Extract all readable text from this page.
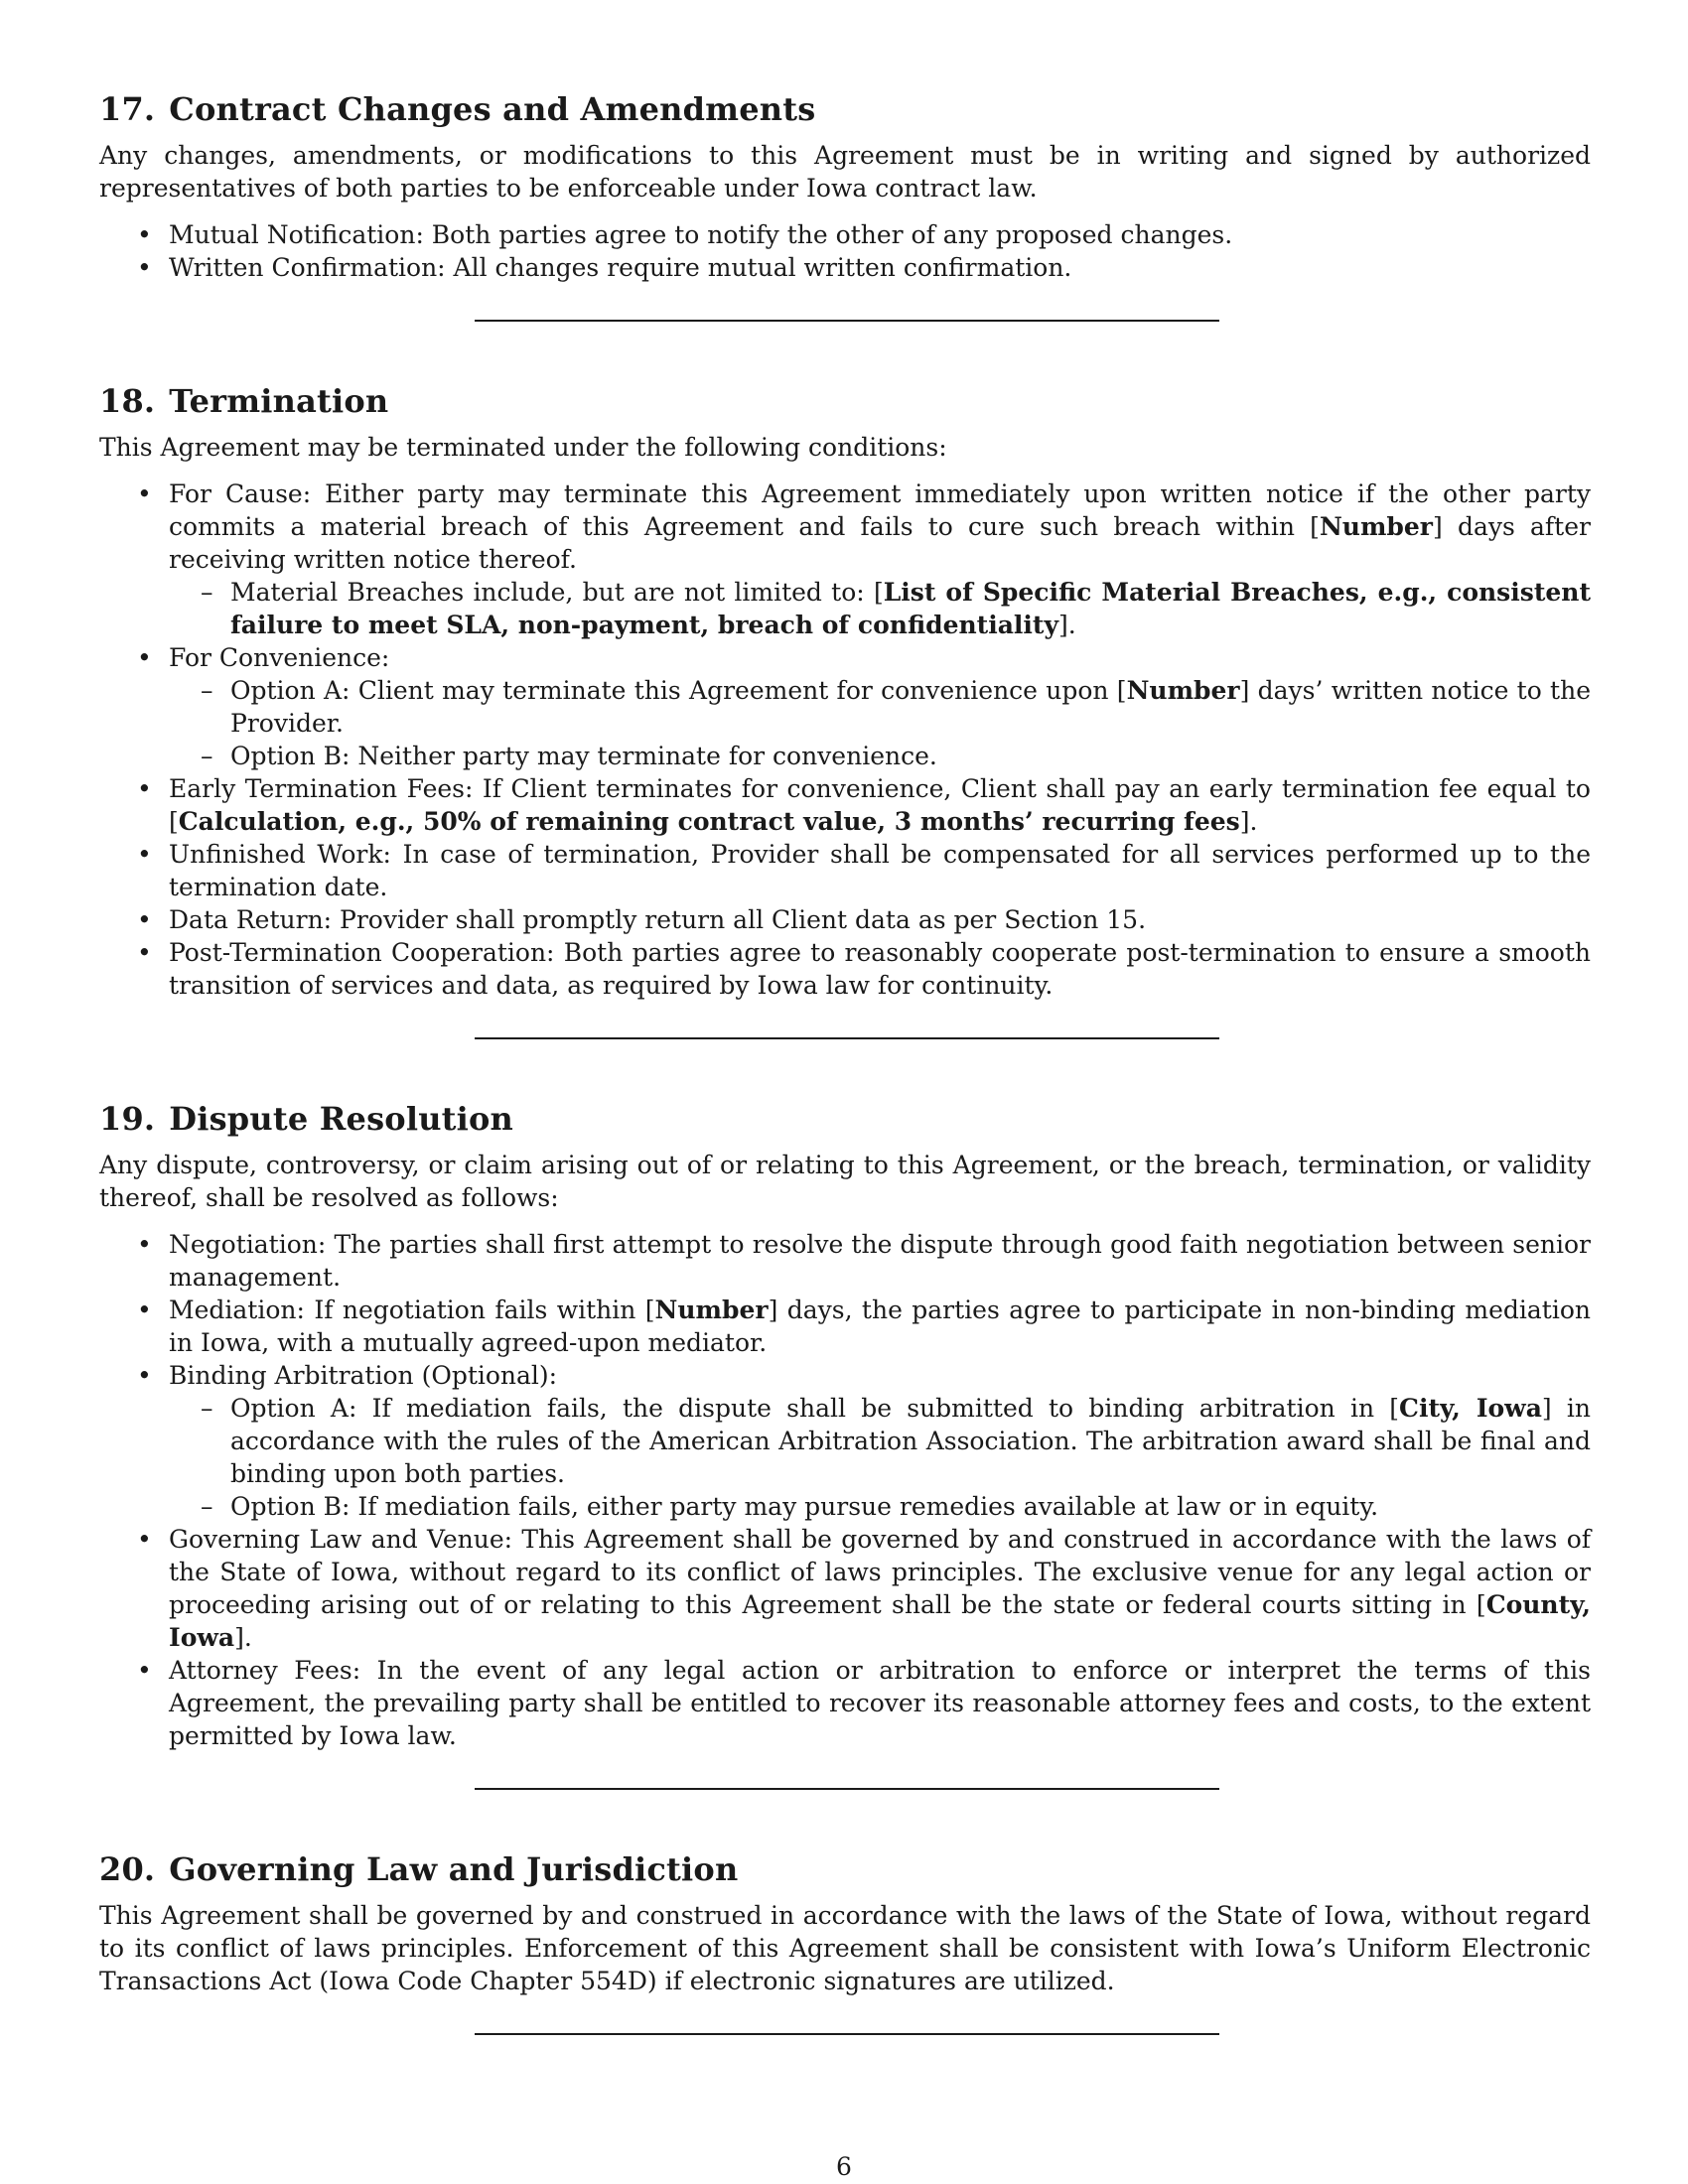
17. Contract Changes and Amendments

Any changes, amendments, or modifications to this Agreement must be in writing and signed by authorized representatives of both parties to be enforceable under Iowa contract law.

• Mutual Notification: Both parties agree to notify the other of any proposed changes.
• Written Confirmation: All changes require mutual written confirmation.
18. Termination

This Agreement may be terminated under the following conditions:

• For Cause: Either party may terminate this Agreement immediately upon written notice if the other party commits a material breach of this Agreement and fails to cure such breach within [Number] days after receiving written notice thereof.
– Material Breaches include, but are not limited to: [List of Specific Material Breaches, e.g., consistent failure to meet SLA, non-payment, breach of confidentiality].
• For Convenience:
– Option A: Client may terminate this Agreement for convenience upon [Number] days’ written notice to the Provider.
– Option B: Neither party may terminate for convenience.
• Early Termination Fees: If Client terminates for convenience, Client shall pay an early termination fee equal to [Calculation, e.g., 50% of remaining contract value, 3 months’ recurring fees].
• Unfinished Work: In case of termination, Provider shall be compensated for all services performed up to the termination date.
• Data Return: Provider shall promptly return all Client data as per Section 15.
• Post-Termination Cooperation: Both parties agree to reasonably cooperate post-termination to ensure a smooth transition of services and data, as required by Iowa law for continuity.
19. Dispute Resolution

Any dispute, controversy, or claim arising out of or relating to this Agreement, or the breach, termination, or validity thereof, shall be resolved as follows:

• Negotiation: The parties shall first attempt to resolve the dispute through good faith negotiation between senior management.
• Mediation: If negotiation fails within [Number] days, the parties agree to participate in non-binding mediation in Iowa, with a mutually agreed-upon mediator.
• Binding Arbitration (Optional):
– Option A: If mediation fails, the dispute shall be submitted to binding arbitration in [City, Iowa] in accordance with the rules of the American Arbitration Association. The arbitration award shall be final and binding upon both parties.
– Option B: If mediation fails, either party may pursue remedies available at law or in equity.
• Governing Law and Venue: This Agreement shall be governed by and construed in accordance with the laws of the State of Iowa, without regard to its conflict of laws principles. The exclusive venue for any legal action or proceeding arising out of or relating to this Agreement shall be the state or federal courts sitting in [County, Iowa].
• Attorney Fees: In the event of any legal action or arbitration to enforce or interpret the terms of this Agreement, the prevailing party shall be entitled to recover its reasonable attorney fees and costs, to the extent permitted by Iowa law.
20. Governing Law and Jurisdiction

This Agreement shall be governed by and construed in accordance with the laws of the State of Iowa, without regard to its conflict of laws principles. Enforcement of this Agreement shall be consistent with Iowa’s Uniform Electronic Transactions Act (Iowa Code Chapter 554D) if electronic signatures are utilized.

6
